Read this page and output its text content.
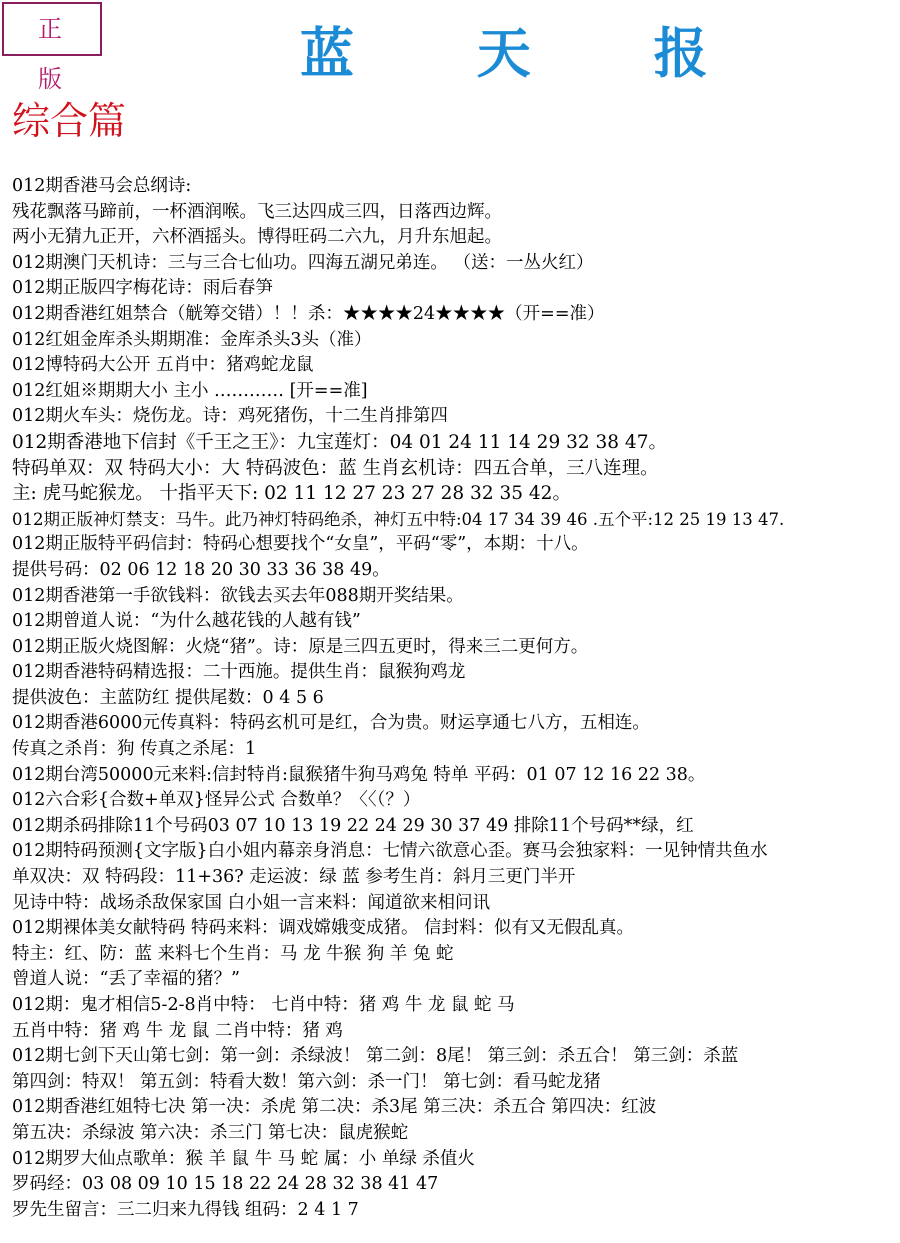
正 版	蓝 天 报
综合篇
012期香港马会总纲诗:
残花飘落马蹄前，一杯酒润喉。飞三达四成三四，日落西边辉。
两小无猜九正开，六杯酒摇头。博得旺码二六九，月升东旭起。
012期澳门天机诗：三与三合七仙功。四海五湖兄弟连。 （送：一丛火红）
012期正版四字梅花诗：雨后春笋
012期香港红姐禁合（觥筹交错）！！杀：★★★★24★★★★（开==准）
012红姐金库杀头期期准：金库杀头3头（准）
012博特码大公开 五肖中：猪鸡蛇龙鼠
012红姐※期期大小 主小 ………… [开==准]
012期火车头：烧伤龙。诗：鸡死猪伤，十二生肖排第四
012期香港地下信封《千王之王》：九宝莲灯：04 01 24 11 14 29 32 38 47。
特码单双：双 特码大小：大 特码波色：蓝 生肖玄机诗：四五合单，三八连理。
主: 虎马蛇猴龙。 十指平天下: 02 11 12 27 23 27 28 32 35 42。
012期正版神灯禁支：马牛。此乃神灯特码绝杀，神灯五中特:04 17 34 39 46 .五个平:12 25 19 13 47.
012期正版特平码信封：特码心想要找个“女皇”，平码“零”，本期：十八。
提供号码：02 06 12 18 20 30 33 36 38 49。
012期香港第一手欲钱料：欲钱去买去年088期开奖结果。
012期曾道人说：“为什么越花钱的人越有钱”
012期正版火烧图解：火烧“猪”。诗：原是三四五更时，得来三二更何方。
012期香港特码精选报：二十西施。提供生肖：鼠猴狗鸡龙
提供波色：主蓝防红 提供尾数：0 4 5 6
012期香港6000元传真料：特码玄机可是红，合为贵。财运享通七八方，五相连。
传真之杀肖：狗 传真之杀尾：1
012期台湾50000元来料:信封特肖:鼠猴猪牛狗马鸡兔 特单 平码：01 07 12 16 22 38。
012六合彩{合数+单双}怪异公式 合数单？〈〈（？）
012期杀码排除11个号码03 07 10 13 19 22 24 29 30 37 49 排除11个号码**绿，红
012期特码预测{文字版}白小姐内幕亲身消息：七情六欲意心歪。赛马会独家料：一见钟情共鱼水
单双决：双 特码段：11+36? 走运波：绿 蓝 参考生肖：斜月三更门半开
见诗中特：战场杀敌保家国 白小姐一言来料：闻道欲来相问讯
012期裸体美女献特码 特码来料：调戏嫦娥变成猪。 信封料：似有又无假乱真。
特主：红、防：蓝 来料七个生肖：马 龙 牛猴 狗 羊 兔 蛇
曾道人说：“丢了幸福的猪？”
012期：鬼才相信5-2-8肖中特： 七肖中特：猪 鸡 牛 龙 鼠 蛇 马
五肖中特：猪 鸡 牛 龙 鼠 二肖中特：猪 鸡
012期七剑下天山第七剑：第一剑：杀绿波！ 第二剑：8尾！ 第三剑：杀五合！ 第三剑：杀蓝
第四剑：特双！ 第五剑：特看大数！第六剑：杀一门！ 第七剑：看马蛇龙猪
012期香港红姐特七决 第一决：杀虎 第二决：杀3尾 第三决：杀五合 第四决：红波
第五决：杀绿波 第六决：杀三门 第七决：鼠虎猴蛇
012期罗大仙点歌单：猴 羊 鼠 牛 马 蛇 属：小 单绿 杀值火
罗码经：03 08 09 10 15 18 22 24 28 32 38 41 47
罗先生留言：三二归来九得钱 组码：2 4 1 7
